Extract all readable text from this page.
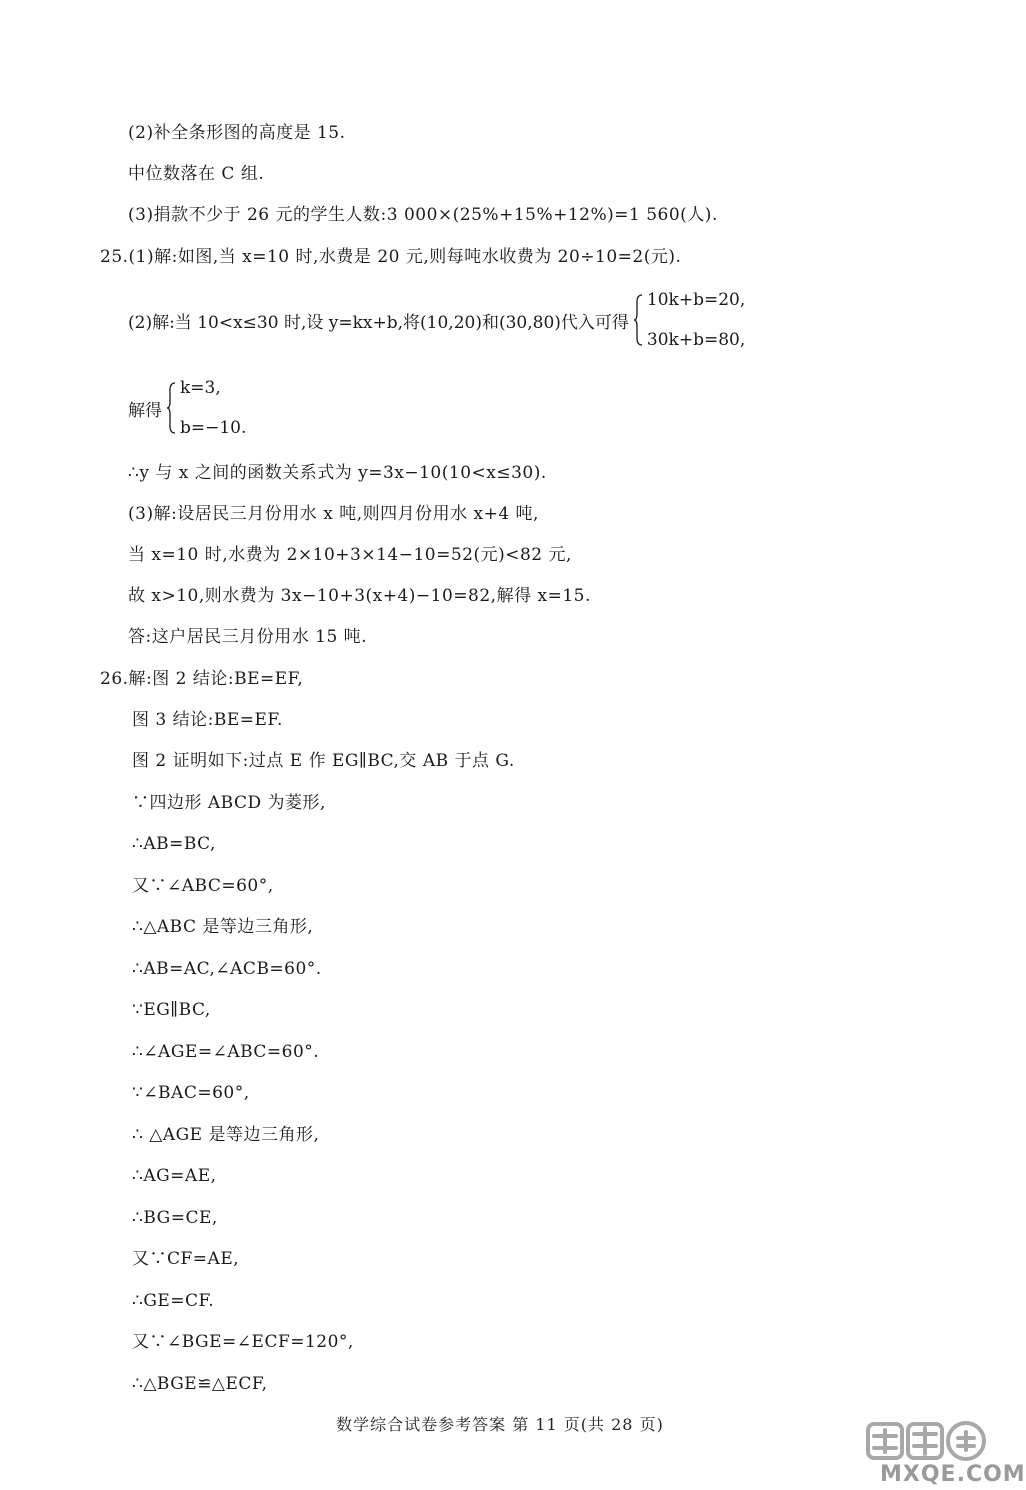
(2)补全条形图的高度是 15.
中位数落在 C 组.
(3)捐款不少于 26 元的学生人数:3 000×(25%+15%+12%)=1 560(人).
25.(1)解:如图,当 x=10 时,水费是 20 元,则每吨水收费为 20÷10=2(元).
(2)解:当 10<x≤30 时,设 y=kx+b,将(10,20)和(30,80)代入可得
10k+b=20,
30k+b=80,
解得
k=3,
b=−10.
∴y 与 x 之间的函数关系式为 y=3x−10(10<x≤30).
(3)解:设居民三月份用水 x 吨,则四月份用水 x+4 吨,
当 x=10 时,水费为 2×10+3×14−10=52(元)<82 元,
故 x>10,则水费为 3x−10+3(x+4)−10=82,解得 x=15.
答:这户居民三月份用水 15 吨.
26.解:图 2 结论:BE=EF,
图 3 结论:BE=EF.
图 2 证明如下:过点 E 作 EG∥BC,交 AB 于点 G.
∵四边形 ABCD 为菱形,
∴AB=BC,
又∵∠ABC=60°,
∴△ABC 是等边三角形,
∴AB=AC,∠ACB=60°.
∵EG∥BC,
∴∠AGE=∠ABC=60°.
∵∠BAC=60°,
∴ △AGE 是等边三角形,
∴AG=AE,
∴BG=CE,
又∵CF=AE,
∴GE=CF.
又∵∠BGE=∠ECF=120°,
∴△BGE≌△ECF,
数学综合试卷参考答案 第 11 页(共 28 页)
MXQE.COM
